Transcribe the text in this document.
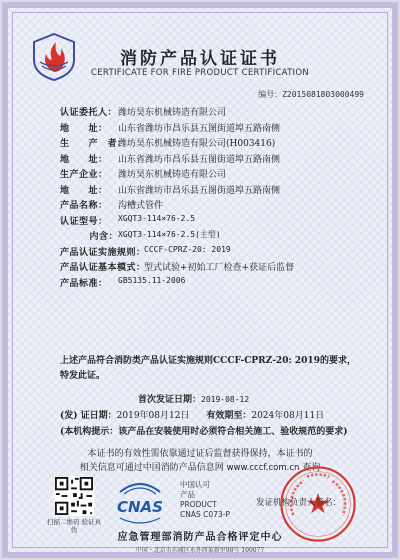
消防产品认证证书
CERTIFICATE FOR FIRE PRODUCT CERTIFICATION
编号：Z2015081803000499
认证委托人： 潍坊昊东机械铸造有限公司
地　　址：	山东省潍坊市昌乐县五图街道埠五路南侧
生　　产　者：
潍坊昊东机械铸造有限公司(H003416)
地　　址：	山东省潍坊市昌乐县五图街道埠五路南侧
生产企业：	潍坊昊东机械铸造有限公司
地　　址：	山东省潍坊市昌乐县五图街道埠五路南侧
产品名称：	沟槽式管件
认证型号：	XGQT3-114×76-2.5
内含： XGQT3-114×76-2.5(主型)
产品认证实施规则：
CCCF-CPRZ-20: 2019
产品认证基本模式：
型式试验+初始工厂检查+获证后监督
产品标准：	GB5135.11-2006
上述产品符合消防类产品认证实施规则CCCF-CPRZ-20: 2019的要求，特发此证。
首次发证日期：2019-08-12
(发) 证日期：2019年08月12日 有效期至：2024年08月11日
(本机构提示：该产品在安装使用时必须符合相关施工、验收规范的要求)
本证书的有效性需依靠通过证后监督获得保持，本证书的
相关信息可通过中国消防产品信息网 www.cccf.com.cn 查询
扫描二维码 验证真伪
CNAS
中国认可
产品
PRODUCT
CNAS C073-P
发证机构负责人签名：
应急管理部消防产品合格评定中心
中国・北京市东城区永外西革新里98号 100077
